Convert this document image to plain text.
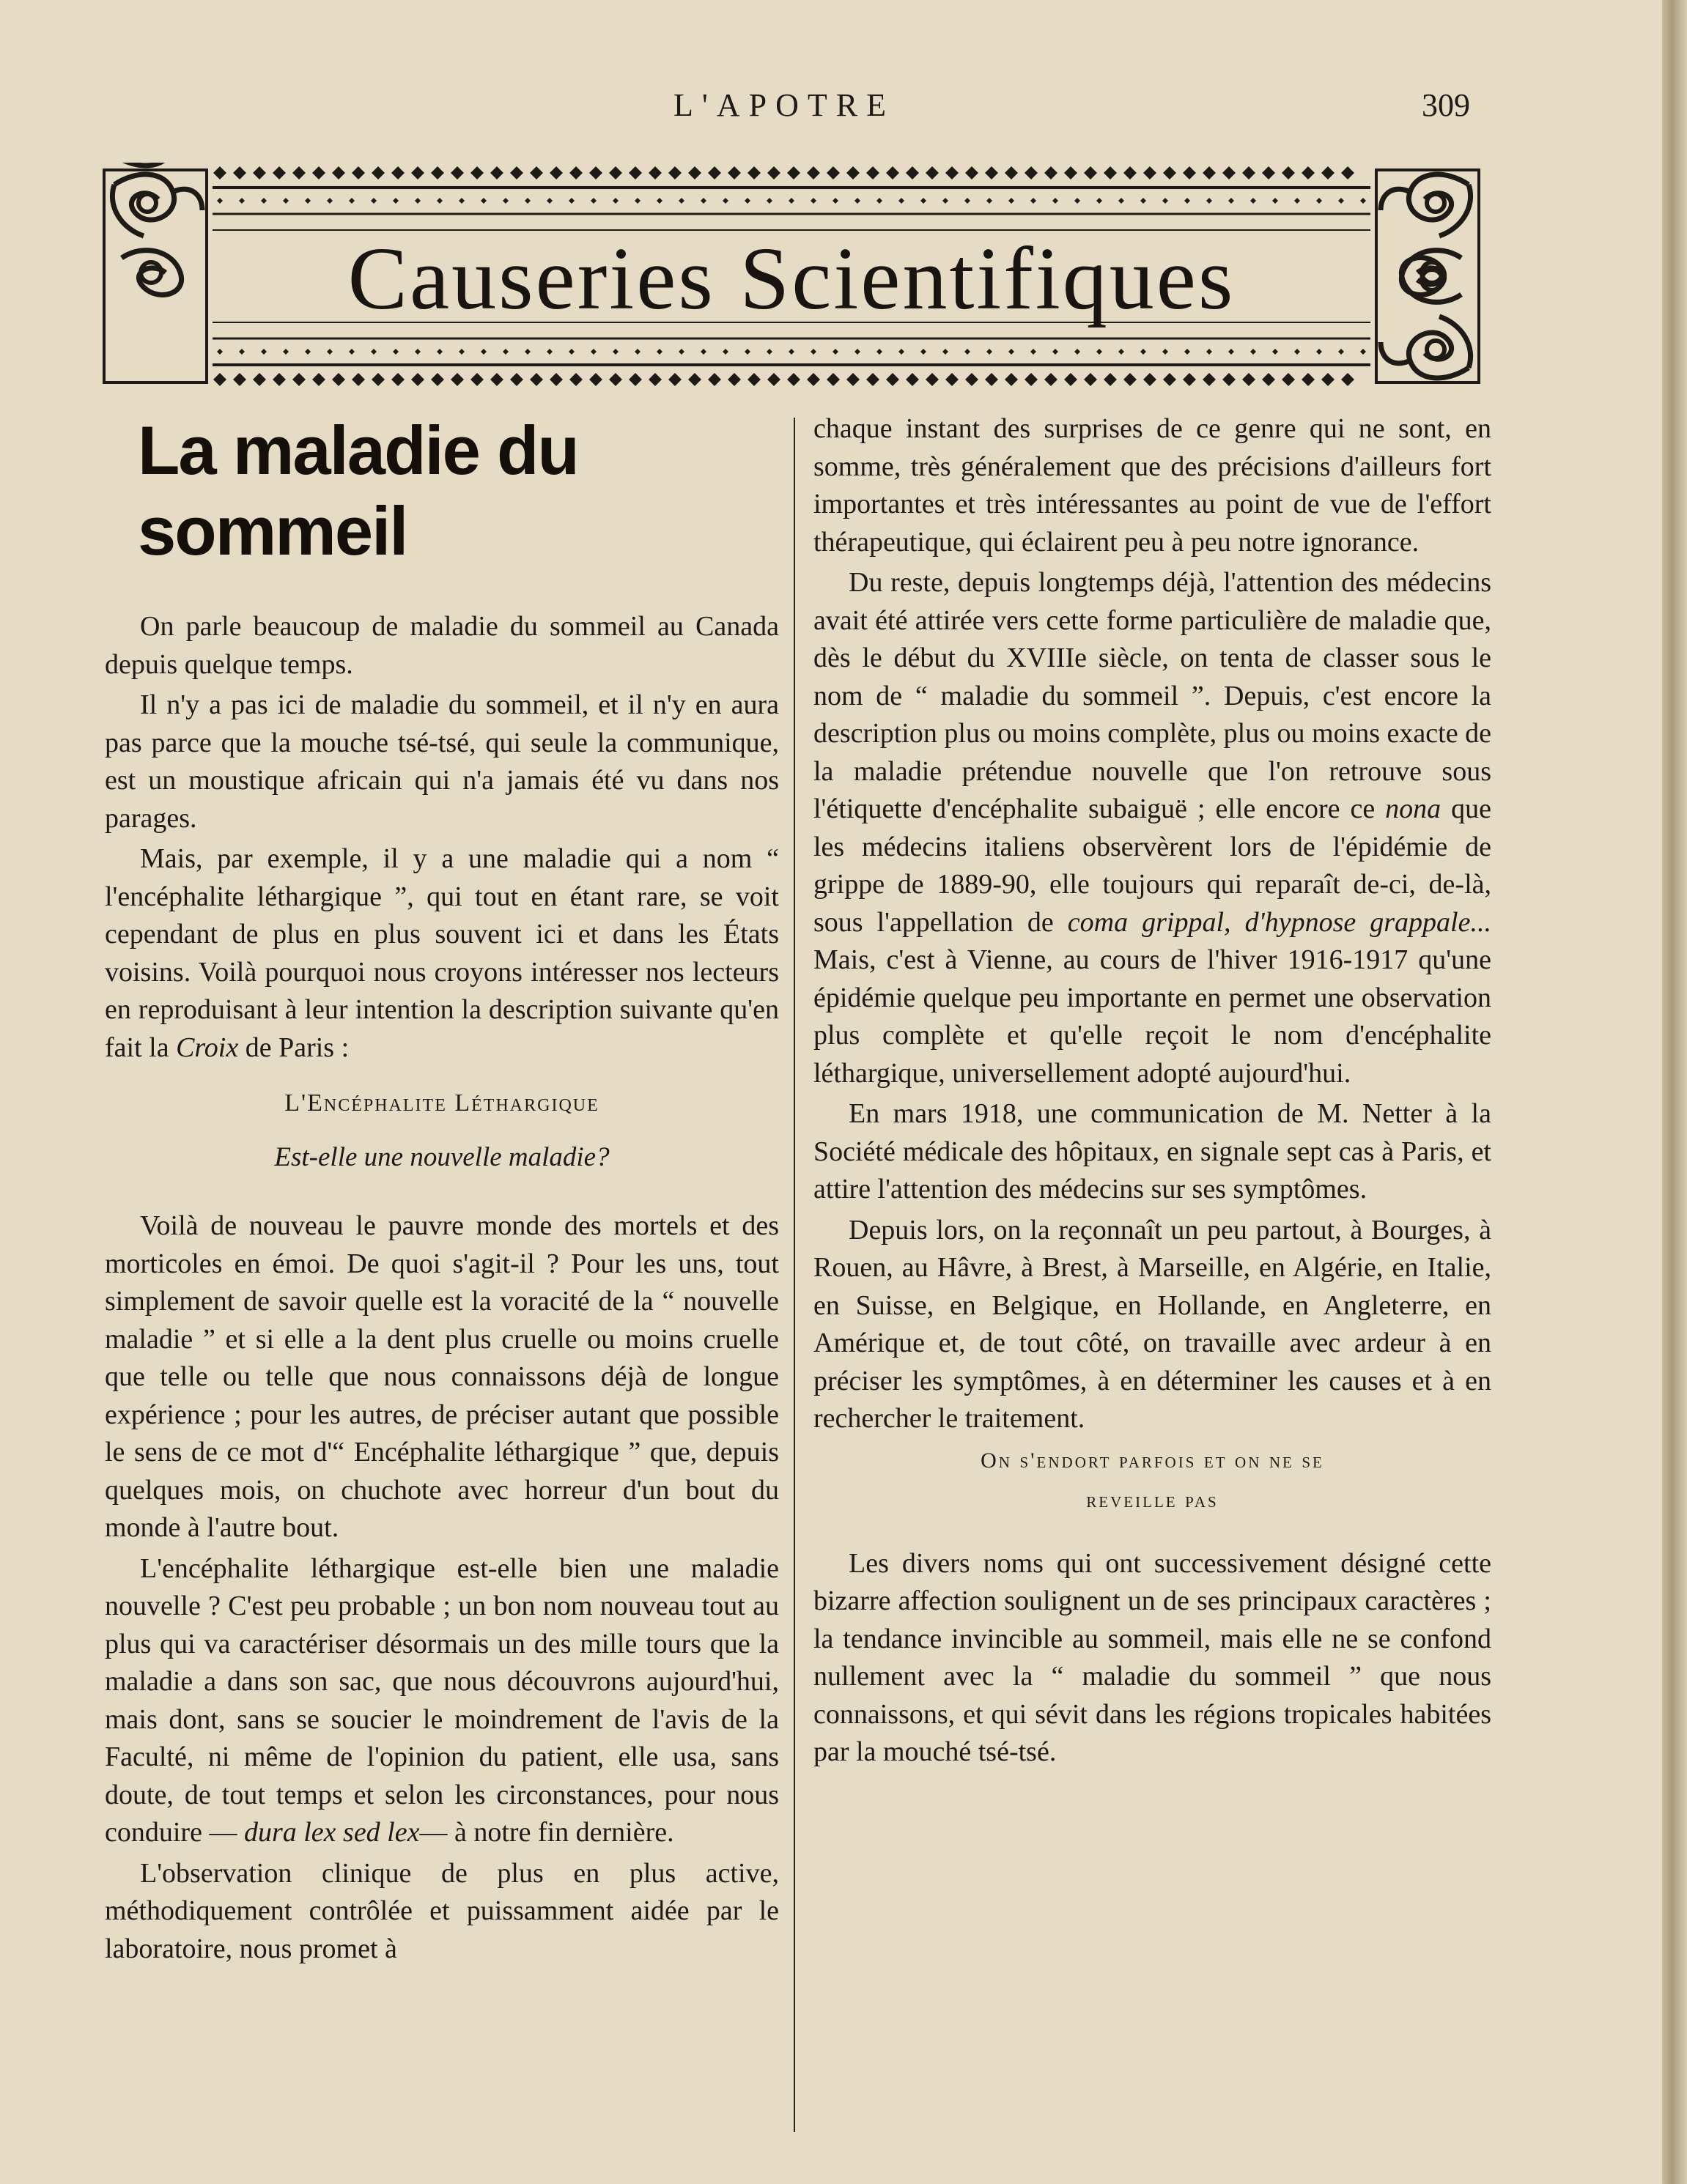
L'APOTRE	309
Causeries Scientifiques
La maladie du sommeil

On parle beaucoup de maladie du sommeil au Canada depuis quelque temps.

Il n'y a pas ici de maladie du sommeil, et il n'y en aura pas parce que la mouche tsé-tsé, qui seule la communique, est un moustique africain qui n'a jamais été vu dans nos parages.

Mais, par exemple, il y a une maladie qui a nom “ l'encéphalite léthargique ”, qui tout en étant rare, se voit cependant de plus en plus souvent ici et dans les États voisins. Voilà pourquoi nous croyons intéresser nos lecteurs en reproduisant à leur intention la description suivante qu'en fait la Croix de Paris :

L'Encéphalite Léthargique
Est-elle une nouvelle maladie?

Voilà de nouveau le pauvre monde des mortels et des morticoles en émoi. De quoi s'agit-il ? Pour les uns, tout simplement de savoir quelle est la voracité de la “ nouvelle maladie ” et si elle a la dent plus cruelle ou moins cruelle que telle ou telle que nous connaissons déjà de longue expérience ; pour les autres, de préciser autant que possible le sens de ce mot d'“ Encéphalite léthargique ” que, depuis quelques mois, on chuchote avec horreur d'un bout du monde à l'autre bout.

L'encéphalite léthargique est-elle bien une maladie nouvelle ? C'est peu probable ; un bon nom nouveau tout au plus qui va caractériser désormais un des mille tours que la maladie a dans son sac, que nous découvrons aujourd'hui, mais dont, sans se soucier le moindrement de l'avis de la Faculté, ni même de l'opinion du patient, elle usa, sans doute, de tout temps et selon les circonstances, pour nous conduire — dura lex sed lex— à notre fin dernière.

L'observation clinique de plus en plus active, méthodiquement contrôlée et puissamment aidée par le laboratoire, nous promet à

chaque instant des surprises de ce genre qui ne sont, en somme, très généralement que des précisions d'ailleurs fort importantes et très intéressantes au point de vue de l'effort thérapeutique, qui éclairent peu à peu notre ignorance.

Du reste, depuis longtemps déjà, l'attention des médecins avait été attirée vers cette forme particulière de maladie que, dès le début du XVIIIe siècle, on tenta de classer sous le nom de “ maladie du sommeil ”. Depuis, c'est encore la description plus ou moins complète, plus ou moins exacte de la maladie prétendue nouvelle que l'on retrouve sous l'étiquette d'encéphalite subaiguë ; elle encore ce nona que les médecins italiens observèrent lors de l'épidémie de grippe de 1889-90, elle toujours qui reparaît de-ci, de-là, sous l'appellation de coma grippal, d'hypnose grappale... Mais, c'est à Vienne, au cours de l'hiver 1916-1917 qu'une épidémie quelque peu importante en permet une observation plus complète et qu'elle reçoit le nom d'encéphalite léthargique, universellement adopté aujourd'hui.

En mars 1918, une communication de M. Netter à la Société médicale des hôpitaux, en signale sept cas à Paris, et attire l'attention des médecins sur ses symptômes.

Depuis lors, on la reçonnaît un peu partout, à Bourges, à Rouen, au Hâvre, à Brest, à Marseille, en Algérie, en Italie, en Suisse, en Belgique, en Hollande, en Angleterre, en Amérique et, de tout côté, on travaille avec ardeur à en préciser les symptômes, à en déterminer les causes et à en rechercher le traitement.

On s'endort parfois et on ne se
reveille pas

Les divers noms qui ont successivement désigné cette bizarre affection soulignent un de ses principaux caractères ; la tendance invincible au sommeil, mais elle ne se confond nullement avec la “ maladie du sommeil ” que nous connaissons, et qui sévit dans les régions tropicales habitées par la mouché tsé-tsé.
